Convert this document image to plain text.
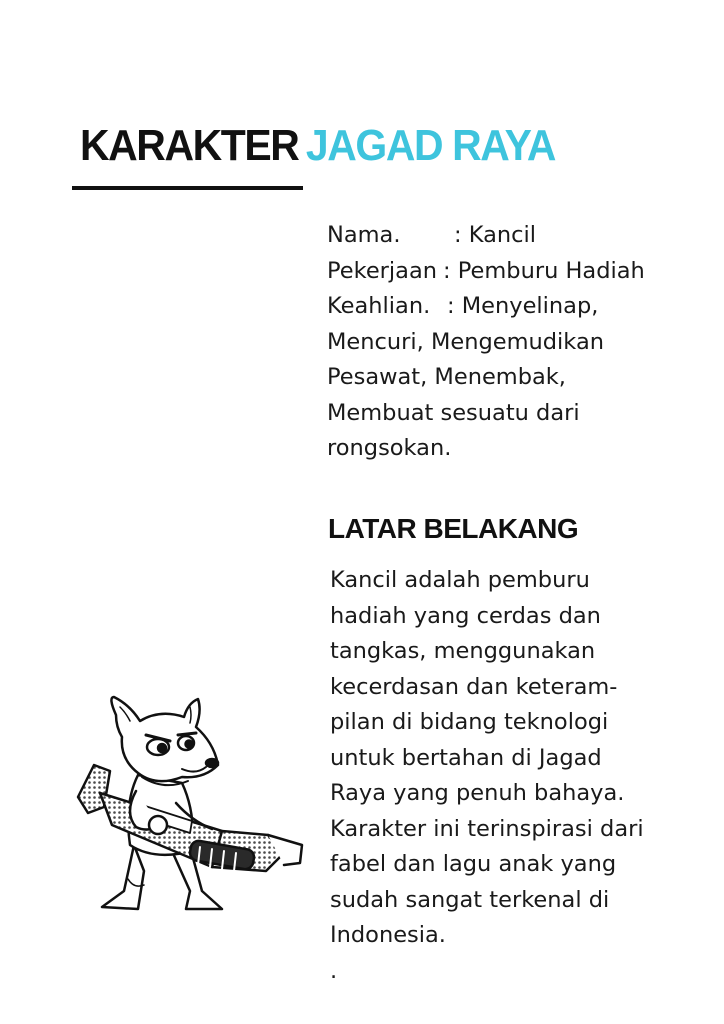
KARAKTER JAGAD RAYA
Nama. : Kancil
Pekerjaan : Pemburu Hadiah
Keahlian. : Menyelinap,
Mencuri, Mengemudikan
Pesawat, Menembak,
Membuat sesuatu dari
rongsokan.
LATAR BELAKANG
Kancil adalah pemburu
hadiah yang cerdas dan
tangkas, menggunakan
kecerdasan dan keteram-
pilan di bidang teknologi
untuk bertahan di Jagad
Raya yang penuh bahaya.
Karakter ini terinspirasi dari
fabel dan lagu anak yang
sudah sangat terkenal di
Indonesia.
.
